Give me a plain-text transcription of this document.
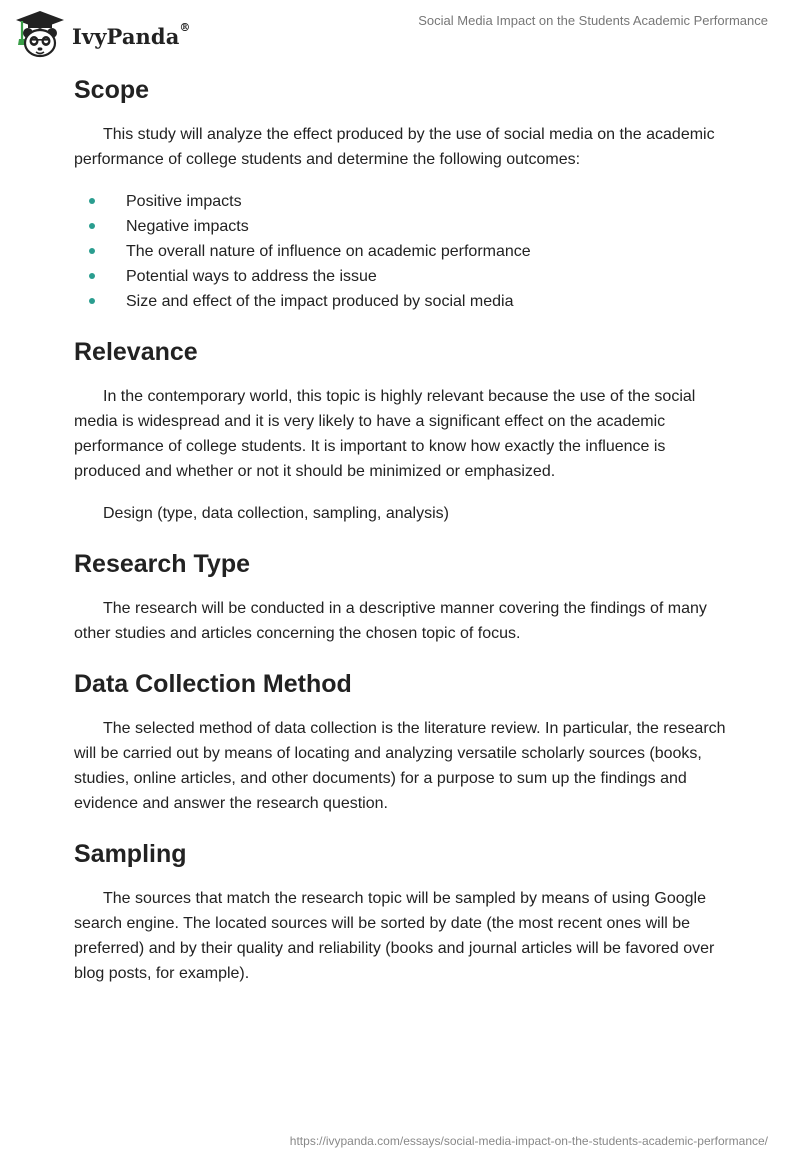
IvyPanda®	Social Media Impact on the Students Academic Performance
Scope

This study will analyze the effect produced by the use of social media on the academic performance of college students and determine the following outcomes:

Positive impacts
Negative impacts
The overall nature of influence on academic performance
Potential ways to address the issue
Size and effect of the impact produced by social media
Relevance

In the contemporary world, this topic is highly relevant because the use of the social media is widespread and it is very likely to have a significant effect on the academic performance of college students. It is important to know how exactly the influence is produced and whether or not it should be minimized or emphasized.

Design (type, data collection, sampling, analysis)

Research Type

The research will be conducted in a descriptive manner covering the findings of many other studies and articles concerning the chosen topic of focus.

Data Collection Method

The selected method of data collection is the literature review. In particular, the research will be carried out by means of locating and analyzing versatile scholarly sources (books, studies, online articles, and other documents) for a purpose to sum up the findings and evidence and answer the research question.

Sampling

The sources that match the research topic will be sampled by means of using Google search engine. The located sources will be sorted by date (the most recent ones will be preferred) and by their quality and reliability (books and journal articles will be favored over blog posts, for example).

https://ivypanda.com/essays/social-media-impact-on-the-students-academic-performance/
